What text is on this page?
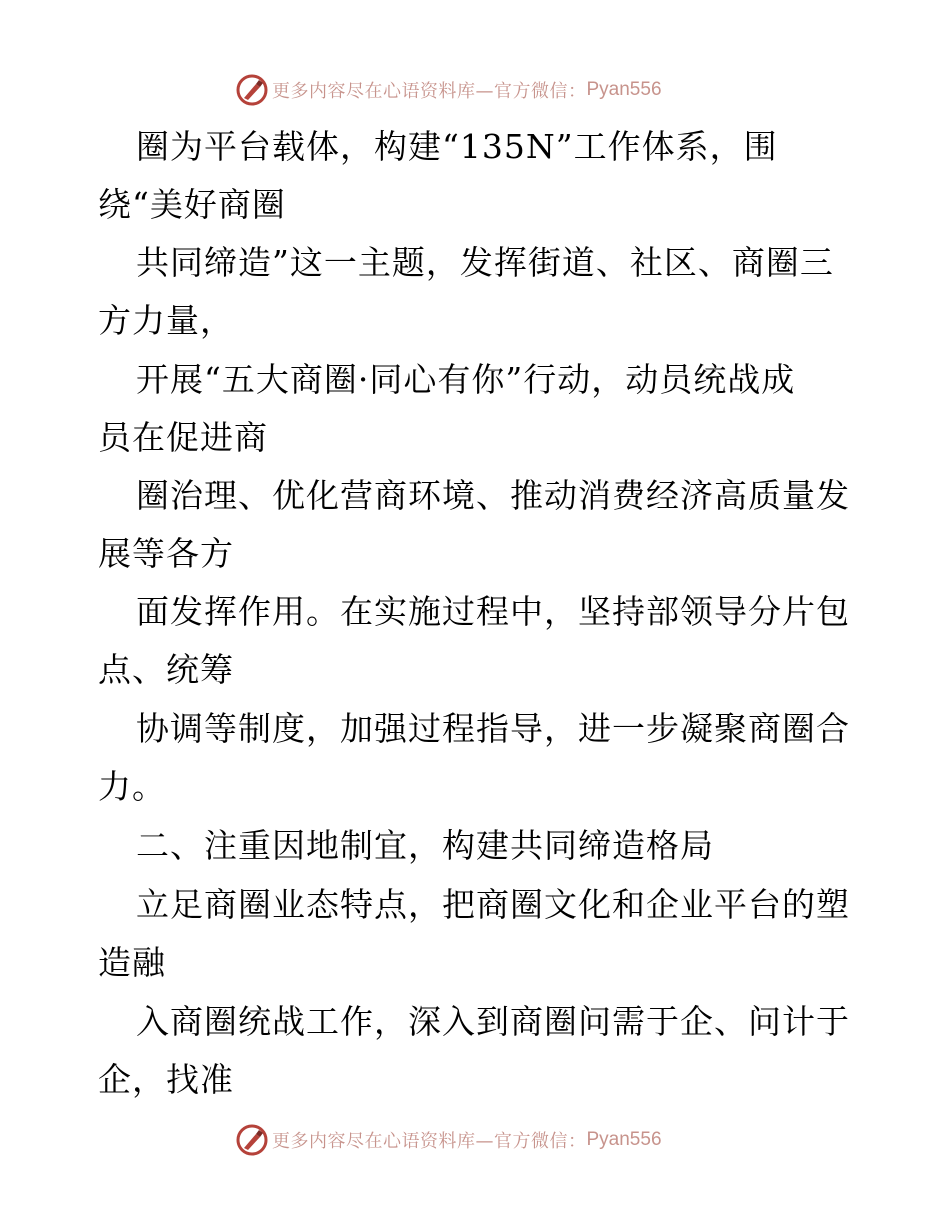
更多内容尽在心语资料库—官方微信： Pyan556

圈为平台载体，构建“135N”工作体系，围
绕“美好商圈

共同缔造”这一主题，发挥街道、社区、商圈三
方力量，

开展“五大商圈·同心有你”行动，动员统战成
员在促进商

圈治理、优化营商环境、推动消费经济高质量发
展等各方

面发挥作用。在实施过程中，坚持部领导分片包
点、统筹

协调等制度，加强过程指导，进一步凝聚商圈合
力。

二、注重因地制宜，构建共同缔造格局

立足商圈业态特点，把商圈文化和企业平台的塑
造融

入商圈统战工作，深入到商圈问需于企、问计于
企，找准

更多内容尽在心语资料库—官方微信： Pyan556
